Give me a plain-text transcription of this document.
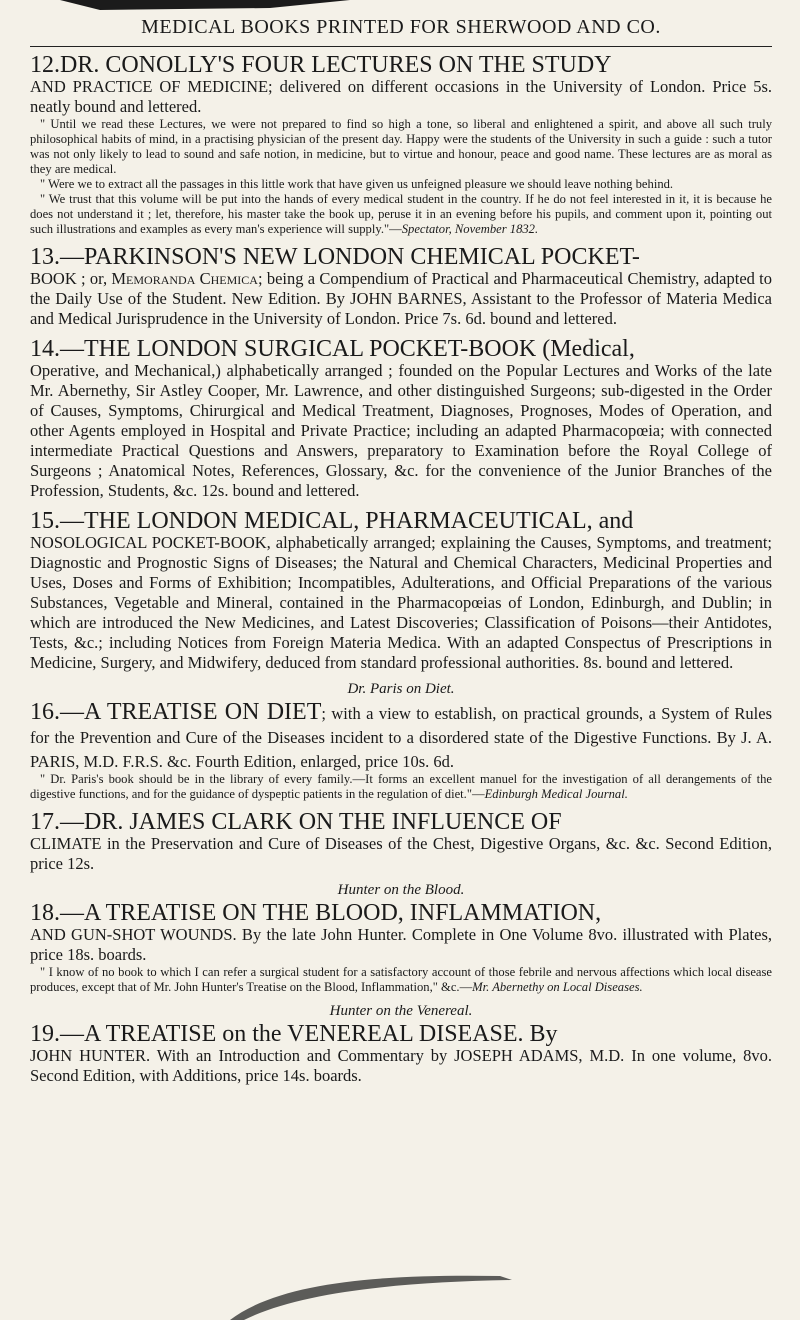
MEDICAL BOOKS PRINTED FOR SHERWOOD AND CO.

12.DR. CONOLLY'S FOUR LECTURES ON THE STUDY

AND PRACTICE OF MEDICINE; delivered on different occasions in the University of London. Price 5s. neatly bound and lettered.

" Until we read these Lectures, we were not prepared to find so high a tone, so liberal and enlightened a spirit, and above all such truly philosophical habits of mind, in a practising physician of the present day. Happy were the students of the University in such a guide : such a tutor was not only likely to lead to sound and safe notion, in medicine, but to virtue and honour, peace and good name. These lectures are as moral as they are medical.

" Were we to extract all the passages in this little work that have given us unfeigned pleasure we should leave nothing behind.

" We trust that this volume will be put into the hands of every medical student in the country. If he do not feel interested in it, it is because he does not understand it ; let, therefore, his master take the book up, peruse it in an evening before his pupils, and comment upon it, pointing out such illustrations and examples as every man's experience will supply."—Spectator, November 1832.

13.—PARKINSON'S NEW LONDON CHEMICAL POCKET-

BOOK ; or, Memoranda Chemica; being a Compendium of Practical and Pharmaceutical Chemistry, adapted to the Daily Use of the Student. New Edition. By JOHN BARNES, Assistant to the Professor of Materia Medica and Medical Jurisprudence in the University of London. Price 7s. 6d. bound and lettered.

14.—THE LONDON SURGICAL POCKET-BOOK (Medical,

Operative, and Mechanical,) alphabetically arranged ; founded on the Popular Lectures and Works of the late Mr. Abernethy, Sir Astley Cooper, Mr. Lawrence, and other distinguished Surgeons; sub-digested in the Order of Causes, Symptoms, Chirurgical and Medical Treatment, Diagnoses, Prognoses, Modes of Operation, and other Agents employed in Hospital and Private Practice; including an adapted Pharmacopœia; with connected intermediate Practical Questions and Answers, preparatory to Examination before the Royal College of Surgeons ; Anatomical Notes, References, Glossary, &c. for the convenience of the Junior Branches of the Profession, Students, &c. 12s. bound and lettered.

15.—THE LONDON MEDICAL, PHARMACEUTICAL, and

NOSOLOGICAL POCKET-BOOK, alphabetically arranged; explaining the Causes, Symptoms, and treatment; Diagnostic and Prognostic Signs of Diseases; the Natural and Chemical Characters, Medicinal Properties and Uses, Doses and Forms of Exhibition; Incompatibles, Adulterations, and Official Preparations of the various Substances, Vegetable and Mineral, contained in the Pharmacopœias of London, Edinburgh, and Dublin; in which are introduced the New Medicines, and Latest Discoveries; Classification of Poisons—their Antidotes, Tests, &c.; including Notices from Foreign Materia Medica. With an adapted Conspectus of Prescriptions in Medicine, Surgery, and Midwifery, deduced from standard professional authorities. 8s. bound and lettered.

Dr. Paris on Diet.

16.—A TREATISE ON DIET; with a view to establish, on practical grounds, a System of Rules for the Prevention and Cure of the Diseases incident to a disordered state of the Digestive Functions. By J. A. PARIS, M.D. F.R.S. &c. Fourth Edition, enlarged, price 10s. 6d.

" Dr. Paris's book should be in the library of every family.—It forms an excellent manuel for the investigation of all derangements of the digestive functions, and for the guidance of dyspeptic patients in the regulation of diet."—Edinburgh Medical Journal.

17.—DR. JAMES CLARK ON THE INFLUENCE OF

CLIMATE in the Preservation and Cure of Diseases of the Chest, Digestive Organs, &c. &c. Second Edition, price 12s.

Hunter on the Blood.

18.—A TREATISE ON THE BLOOD, INFLAMMATION,

AND GUN-SHOT WOUNDS. By the late John Hunter. Complete in One Volume 8vo. illustrated with Plates, price 18s. boards.

" I know of no book to which I can refer a surgical student for a satisfactory account of those febrile and nervous affections which local disease produces, except that of Mr. John Hunter's Treatise on the Blood, Inflammation," &c.—Mr. Abernethy on Local Diseases.

Hunter on the Venereal.

19.—A TREATISE on the VENEREAL DISEASE. By

JOHN HUNTER. With an Introduction and Commentary by JOSEPH ADAMS, M.D. In one volume, 8vo. Second Edition, with Additions, price 14s. boards.
